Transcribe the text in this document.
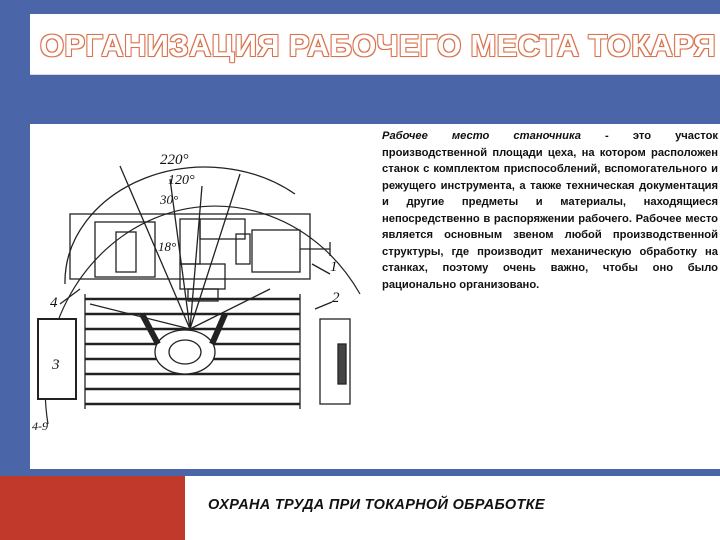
ОРГАНИЗАЦИЯ РАБОЧЕГО МЕСТА ТОКАРЯ
220°
120°
30°
18°
1
2
3
4
4-9
Рабочее место станочника - это участок производственной площади цеха, на котором расположен станок с комплектом приспособлений, вспомогательного и режущего инструмента, а также техническая документация и другие предметы и материалы, находящиеся непосредственно в распоряжении рабочего. Рабочее место является основным звеном любой производственной структуры, где производит механическую обработку на станках, поэтому очень важно, чтобы оно было рационально организовано.
ОХРАНА ТРУДА ПРИ ТОКАРНОЙ ОБРАБОТКЕ
